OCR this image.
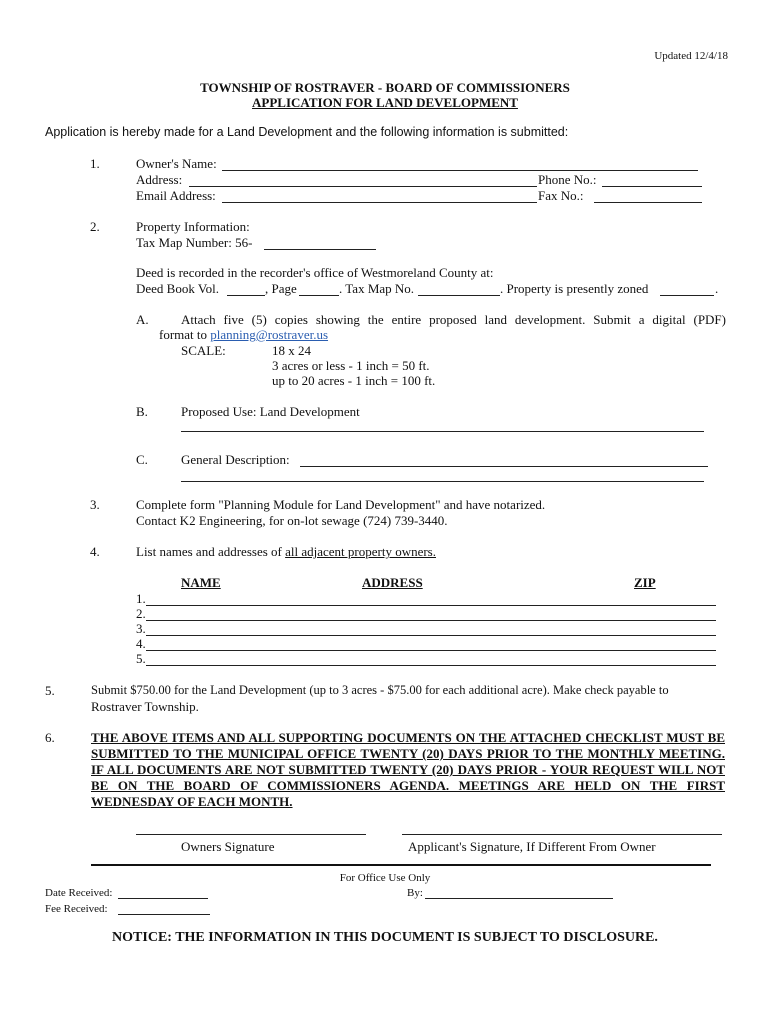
Updated 12/4/18
TOWNSHIP OF ROSTRAVER - BOARD OF COMMISSIONERS
APPLICATION FOR LAND DEVELOPMENT
Application is hereby made for a Land Development and the following information is submitted:
1.	Owner's Name:
Address:	Phone No.:
Email Address:	Fax No.:
2.	Property Information:
Tax Map Number: 56-
Deed is recorded in the recorder's office of Westmoreland County at:
Deed Book Vol.	, Page	. Tax Map No.	. Property is presently zoned	.
A. Attach five (5) copies showing the entire proposed land development. Submit a digital (PDF)
format to planning@rostraver.us
SCALE:	18 x 24
3 acres or less - 1 inch = 50 ft.
up to 20 acres - 1 inch = 100 ft.
B.	Proposed Use: Land Development
C.	General Description:
3.	Complete form "Planning Module for Land Development" and have notarized.
Contact K2 Engineering, for on-lot sewage (724) 739-3440.
4.	List names and addresses of all adjacent property owners.
NAME	ADDRESS	ZIP
1.
2.
3.
4.
5.
5.	Submit $750.00 for the Land Development (up to 3 acres - $75.00 for each additional acre). Make check payable to
Rostraver Township.
6.	THE ABOVE ITEMS AND ALL SUPPORTING DOCUMENTS ON THE ATTACHED CHECKLIST MUST BE SUBMITTED TO THE MUNICIPAL OFFICE TWENTY (20) DAYS PRIOR TO THE MONTHLY MEETING. IF ALL DOCUMENTS ARE NOT SUBMITTED TWENTY (20) DAYS PRIOR - YOUR REQUEST WILL NOT BE ON THE BOARD OF COMMISSIONERS AGENDA. MEETINGS ARE HELD ON THE FIRST WEDNESDAY OF EACH MONTH.
Owners Signature	Applicant's Signature, If Different From Owner
For Office Use Only
Date Received:	By:
Fee Received:
NOTICE: THE INFORMATION IN THIS DOCUMENT IS SUBJECT TO DISCLOSURE.
